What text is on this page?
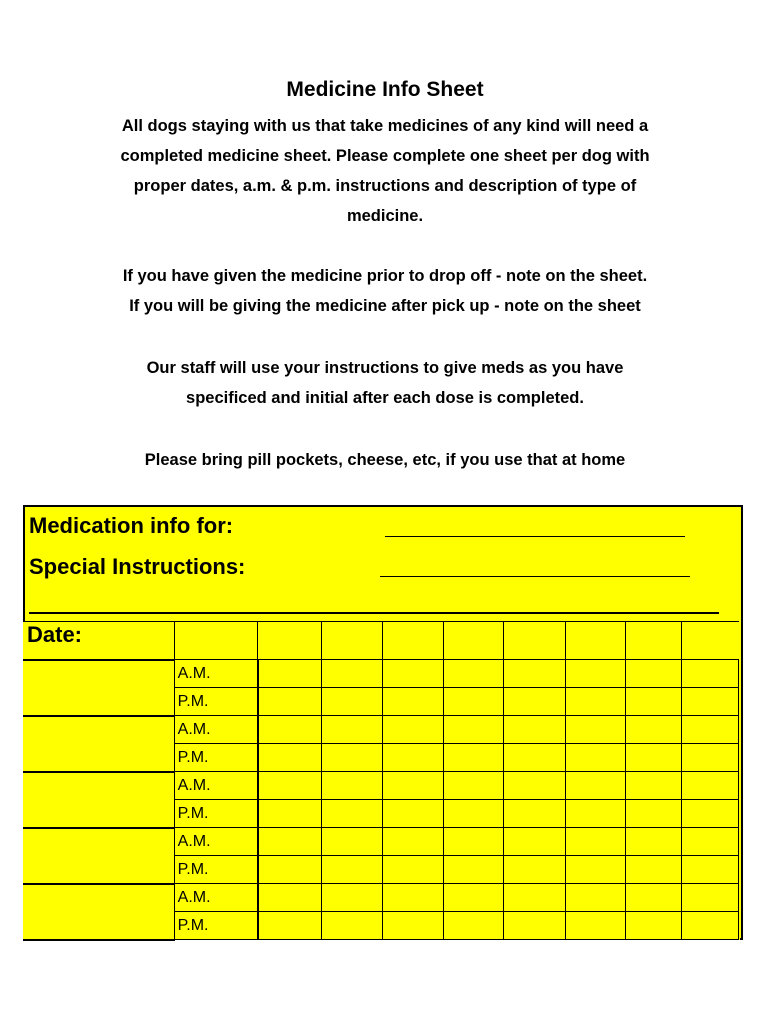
Medicine Info Sheet
All dogs staying with us that take medicines of any kind will need a
completed medicine sheet. Please complete one sheet per dog with
proper dates, a.m. & p.m. instructions and description of type of
medicine.
If you have given the medicine prior to drop off - note on the sheet.
If you will be giving the medicine after pick up - note on the sheet
Our staff will use your instructions to give meds as you have
specificed and initial after each dose is completed.
Please bring pill pockets, cheese, etc, if you use that at home
Medication info for:
Special Instructions:
Date:										
	A.M.									
	P.M.									
	A.M.									
	P.M.									
	A.M.									
	P.M.									
	A.M.									
	P.M.									
	A.M.									
	P.M.									
